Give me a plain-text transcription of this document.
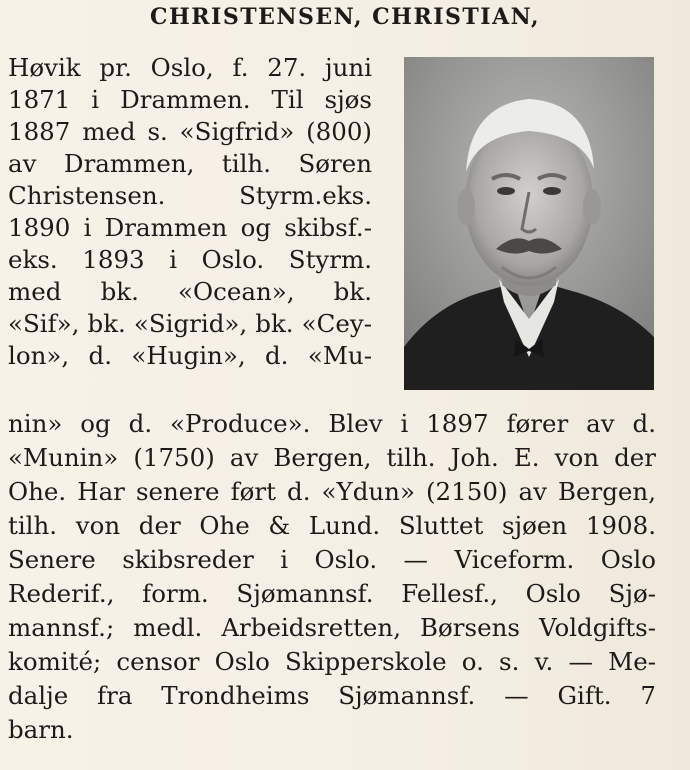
CHRISTENSEN, CHRISTIAN,
Høvik pr. Oslo, f. 27. juni
1871 i Drammen. Til sjøs
1887 med s. «Sigfrid» (800)
av Drammen, tilh. Søren
Christensen. Styrm.eks.
1890 i Drammen og skibsf.-
eks. 1893 i Oslo. Styrm.
med bk. «Ocean», bk.
«Sif», bk. «Sigrid», bk. «Cey-
lon», d. «Hugin», d. «Mu-
nin» og d. «Produce». Blev i 1897 fører av d.
«Munin» (1750) av Bergen, tilh. Joh. E. von der
Ohe. Har senere ført d. «Ydun» (2150) av Bergen,
tilh. von der Ohe & Lund. Sluttet sjøen 1908.
Senere skibsreder i Oslo. — Viceform. Oslo
Rederif., form. Sjømannsf. Fellesf., Oslo Sjø-
mannsf.; medl. Arbeidsretten, Børsens Voldgifts-
komité; censor Oslo Skipperskole o. s. v. — Me-
dalje fra Trondheims Sjømannsf. — Gift. 7
barn.
